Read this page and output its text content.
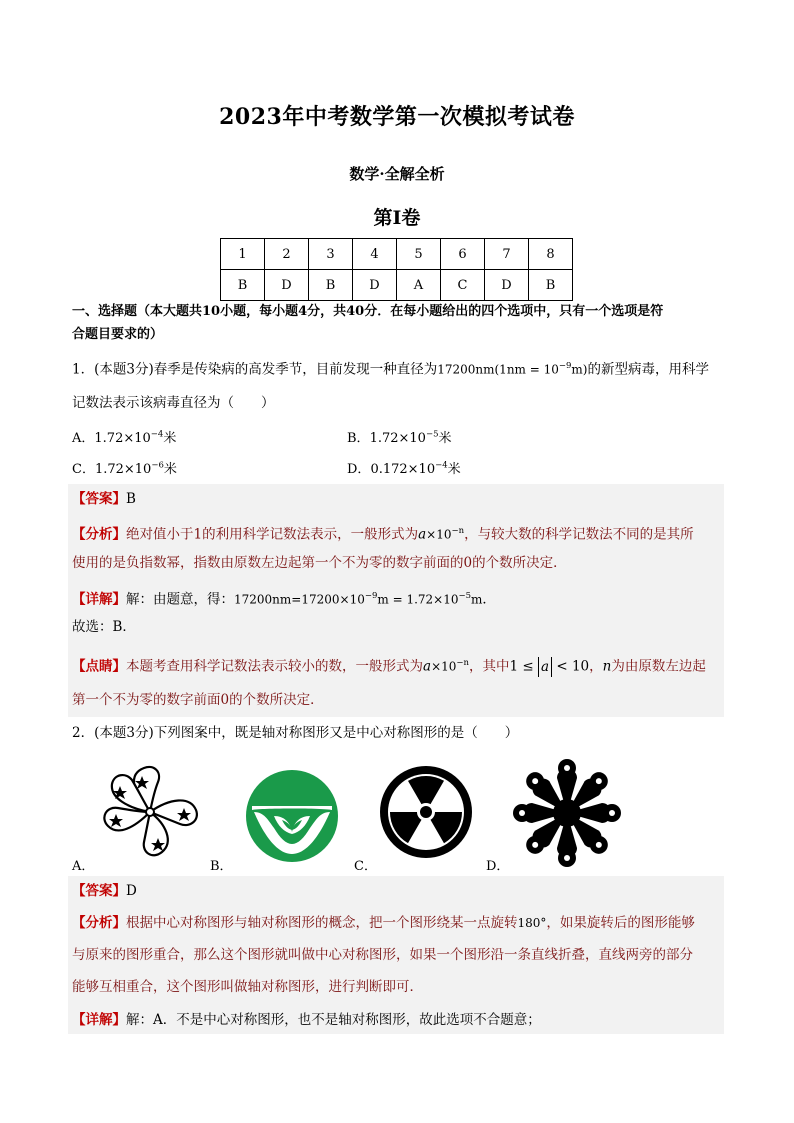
2023年中考数学第一次模拟考试卷
数学·全解全析
第Ⅰ卷
1	2	3	4	5	6	7	8
B	D	B	D	A	C	D	B
一、选择题（本大题共10小题，每小题4分，共40分．在每小题给出的四个选项中，只有一个选项是符
合题目要求的）
1．(本题3分)春季是传染病的高发季节，目前发现一种直径为$17200nm(1nm = 10^{-9}m)$的新型病毒，用科学
记数法表示该病毒直径为（　　）
A．$1.72\times 10^{-4}$米	B．$1.72\times 10^{-5}$米
C．$1.72\times 10^{-6}$米	D．$0.172\times 10^{-4}$米
【答案】B
【分析】绝对值小于1的利用科学记数法表示，一般形式为$a\times 10^{-n}$，与较大数的科学记数法不同的是其所
使用的是负指数幂，指数由原数左边起第一个不为零的数字前面的0的个数所决定．
【详解】解：由题意，得：$17200nm=17200\times 10^{-9}m = 1.72\times 10^{-5}m$．
故选：B．
【点睛】本题考查用科学记数法表示较小的数，一般形式为$a\times 10^{-n}$，其中1 ≤ a < 10，n为由原数左边起
第一个不为零的数字前面0的个数所决定．
2．(本题3分)下列图案中，既是轴对称图形又是中心对称图形的是（　　）
A．	B．	C．	D．
【答案】D
【分析】根据中心对称图形与轴对称图形的概念，把一个图形绕某一点旋转180°，如果旋转后的图形能够
与原来的图形重合，那么这个图形就叫做中心对称图形，如果一个图形沿一条直线折叠，直线两旁的部分
能够互相重合，这个图形叫做轴对称图形，进行判断即可．
【详解】解：A．不是中心对称图形，也不是轴对称图形，故此选项不合题意；
